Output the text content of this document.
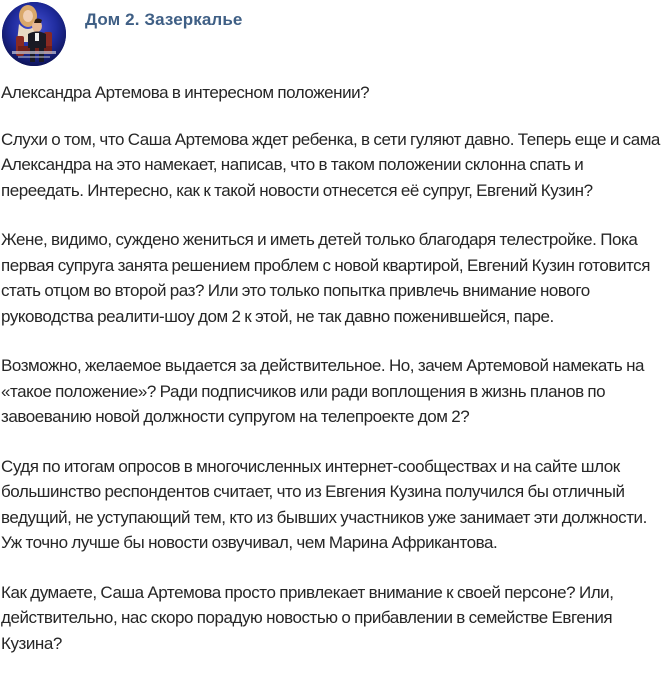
Дом 2. Зазеркалье

Александра Артемова в интересном положении?

Слухи о том, что Саша Артемова ждет ребенка, в сети гуляют давно. Теперь еще и сама Александра на это намекает, написав, что в таком положении склонна спать и переедать. Интересно, как к такой новости отнесется её супруг, Евгений Кузин?

Жене, видимо, суждено жениться и иметь детей только благодаря телестройке. Пока первая супруга занята решением проблем с новой квартирой, Евгений Кузин готовится стать отцом во второй раз? Или это только попытка привлечь внимание нового руководства реалити-шоу дом 2 к этой, не так давно поженившейся, паре.

Возможно, желаемое выдается за действительное. Но, зачем Артемовой намекать на «такое положение»? Ради подписчиков или ради воплощения в жизнь планов по завоеванию новой должности супругом на телепроекте дом 2?

Судя по итогам опросов в многочисленных интернет-сообществах и на сайте шлок большинство респондентов считает, что из Евгения Кузина получился бы отличный ведущий, не уступающий тем, кто из бывших участников уже занимает эти должности. Уж точно лучше бы новости озвучивал, чем Марина Африкантова.

Как думаете, Саша Артемова просто привлекает внимание к своей персоне? Или, действительно, нас скоро порадую новостью о прибавлении в семействе Евгения Кузина?
